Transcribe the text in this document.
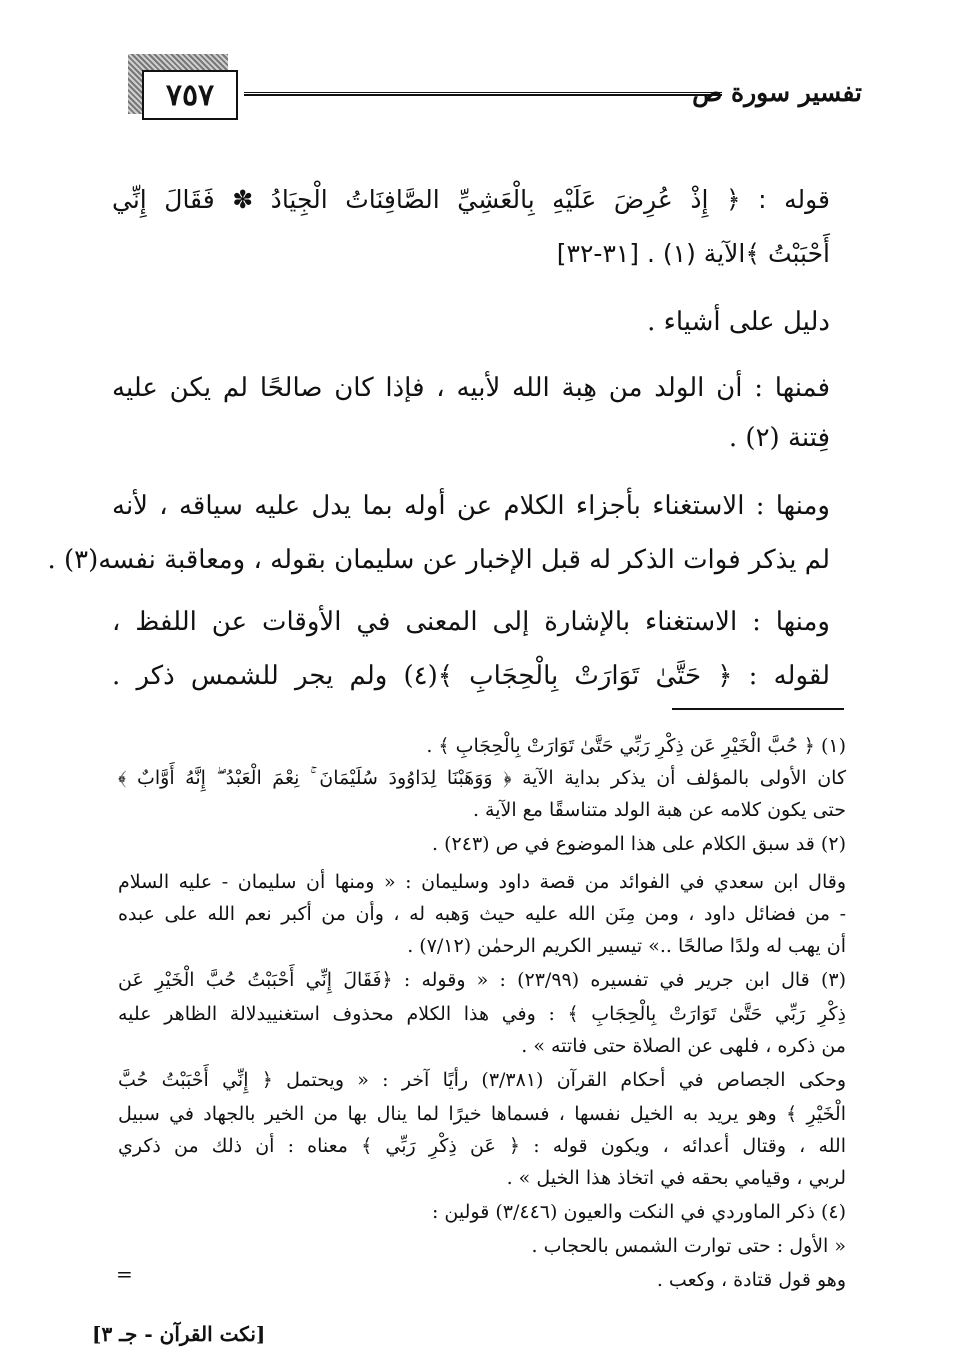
٧٥٧	تفسير سورة ص
قوله : ﴿ إِذْ عُرِضَ عَلَيْهِ بِالْعَشِيِّ الصَّافِنَاتُ الْجِيَادُ ✽ فَقَالَ إِنِّي
أَحْبَبْتُ ﴾الآية (١) . [٣١-٣٢]
دليل على أشياء .
فمنها : أن الولد من هِبة الله لأبيه ، فإذا كان صالحًا لم يكن عليه
فِتنة (٢) .
ومنها : الاستغناء بأجزاء الكلام عن أوله بما يدل عليه سياقه ، لأنه
لم يذكر فوات الذكر له قبل الإخبار عن سليمان بقوله ، ومعاقبة نفسه(٣) .
ومنها : الاستغناء بالإشارة إلى المعنى في الأوقات عن اللفظ ،
لقوله : ﴿ حَتَّىٰ تَوَارَتْ بِالْحِجَابِ ﴾(٤) ولم يجر للشمس ذكر .
(١) ﴿ حُبَّ الْخَيْرِ عَن ذِكْرِ رَبِّي حَتَّىٰ تَوَارَتْ بِالْحِجَابِ ﴾ .
كان الأولى بالمؤلف أن يذكر بداية الآية ﴿ وَوَهَبْنَا لِدَاوُودَ سُلَيْمَانَ ۚ نِعْمَ الْعَبْدُ ۖ إِنَّهُ أَوَّابٌ ﴾
حتى يكون كلامه عن هبة الولد متناسقًا مع الآية .
(٢) قد سبق الكلام على هذا الموضوع في ص (٢٤٣) .
وقال ابن سعدي في الفوائد من قصة داود وسليمان : « ومنها أن سليمان - عليه السلام
- من فضائل داود ، ومن مِنَن الله عليه حيث وَهبه له ، وأن من أكبر نعم الله على عبده
أن يهب له ولدًا صالحًا ..» تيسير الكريم الرحمٰن (٧/١٢) .
(٣) قال ابن جرير في تفسيره (٢٣/٩٩) : « وقوله : ﴿فَقَالَ إِنِّي أَحْبَبْتُ حُبَّ الْخَيْرِ عَن
ذِكْرِ رَبِّي حَتَّىٰ تَوَارَتْ بِالْحِجَابِ ﴾ : وفي هذا الكلام محذوف استغنييدلالة الظاهر عليه
من ذكره ، فلهى عن الصلاة حتى فاتته » .
وحكى الجصاص في أحكام القرآن (٣/٣٨١) رأيًا آخر : « ويحتمل ﴿ إِنِّي أَحْبَبْتُ حُبَّ
الْخَيْرِ ﴾ وهو يريد به الخيل نفسها ، فسماها خيرًا لما ينال بها من الخير بالجهاد في سبيل
الله ، وقتال أعدائه ، ويكون قوله : ﴿ عَن ذِكْرِ رَبِّي ﴾ معناه : أن ذلك من ذكري
لربي ، وقيامي بحقه في اتخاذ هذا الخيل » .
(٤) ذكر الماوردي في النكت والعيون (٣/٤٤٦) قولين :
« الأول : حتى توارت الشمس بالحجاب .
وهو قول قتادة ، وكعب .
=
[نكت القرآن - جـ ٣]
